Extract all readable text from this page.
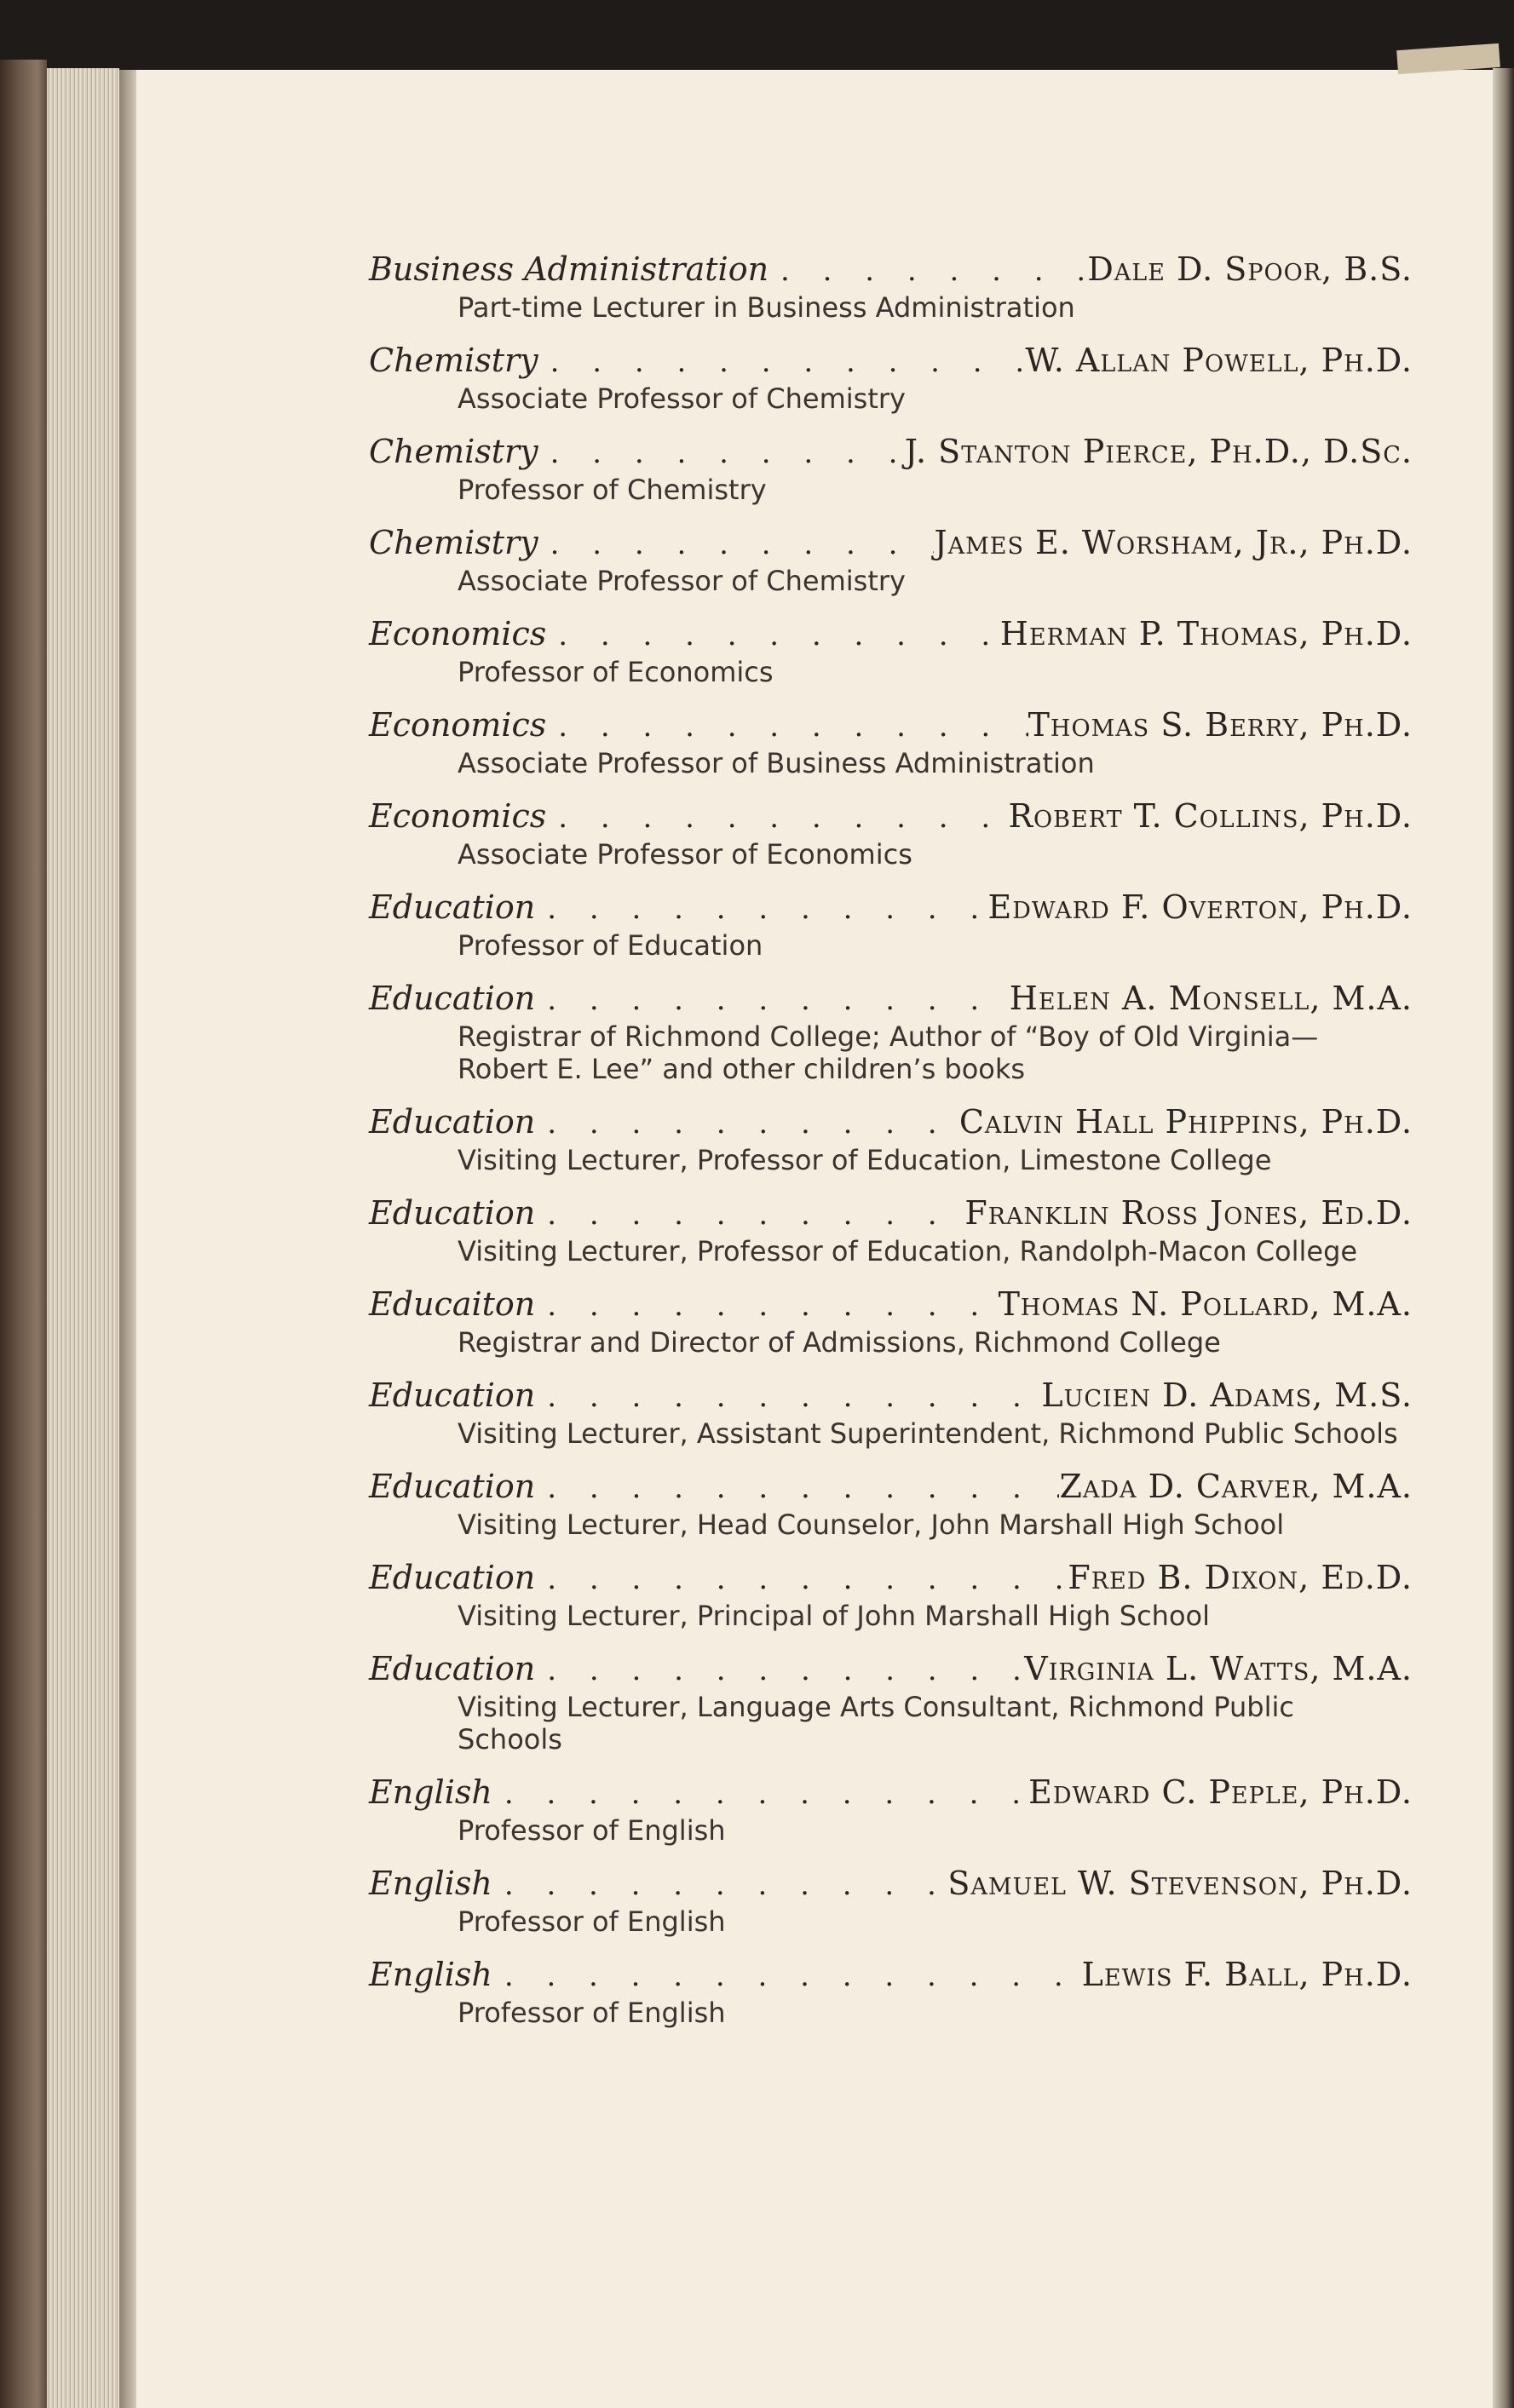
Business Administration . . .	Dale D. Spoor, B.S.
Part-time Lecturer in Business Administration
Chemistry . . .	W. Allan Powell, Ph.D.
Associate Professor of Chemistry
Chemistry . . .	J. Stanton Pierce, Ph.D., D.Sc.
Professor of Chemistry
Chemistry . . .	James E. Worsham, Jr., Ph.D.
Associate Professor of Chemistry
Economics . . .	Herman P. Thomas, Ph.D.
Professor of Economics
Economics . . .	Thomas S. Berry, Ph.D.
Associate Professor of Business Administration
Economics . . .	Robert T. Collins, Ph.D.
Associate Professor of Economics
Education . . .	Edward F. Overton, Ph.D.
Professor of Education
Education . . .	Helen A. Monsell, M.A.
Registrar of Richmond College; Author of “Boy of Old Virginia—
Robert E. Lee” and other children’s books
Education . . .	Calvin Hall Phippins, Ph.D.
Visiting Lecturer, Professor of Education, Limestone College
Education . . .	Franklin Ross Jones, Ed.D.
Visiting Lecturer, Professor of Education, Randolph-Macon College
Educaiton . . .	Thomas N. Pollard, M.A.
Registrar and Director of Admissions, Richmond College
Education . . .	Lucien D. Adams, M.S.
Visiting Lecturer, Assistant Superintendent, Richmond Public Schools
Education . . .	Zada D. Carver, M.A.
Visiting Lecturer, Head Counselor, John Marshall High School
Education . . .	Fred B. Dixon, Ed.D.
Visiting Lecturer, Principal of John Marshall High School
Education . . .	Virginia L. Watts, M.A.
Visiting Lecturer, Language Arts Consultant, Richmond Public
Schools
English . . .	Edward C. Peple, Ph.D.
Professor of English
English . . .	Samuel W. Stevenson, Ph.D.
Professor of English
English . . .	Lewis F. Ball, Ph.D.
Professor of English
